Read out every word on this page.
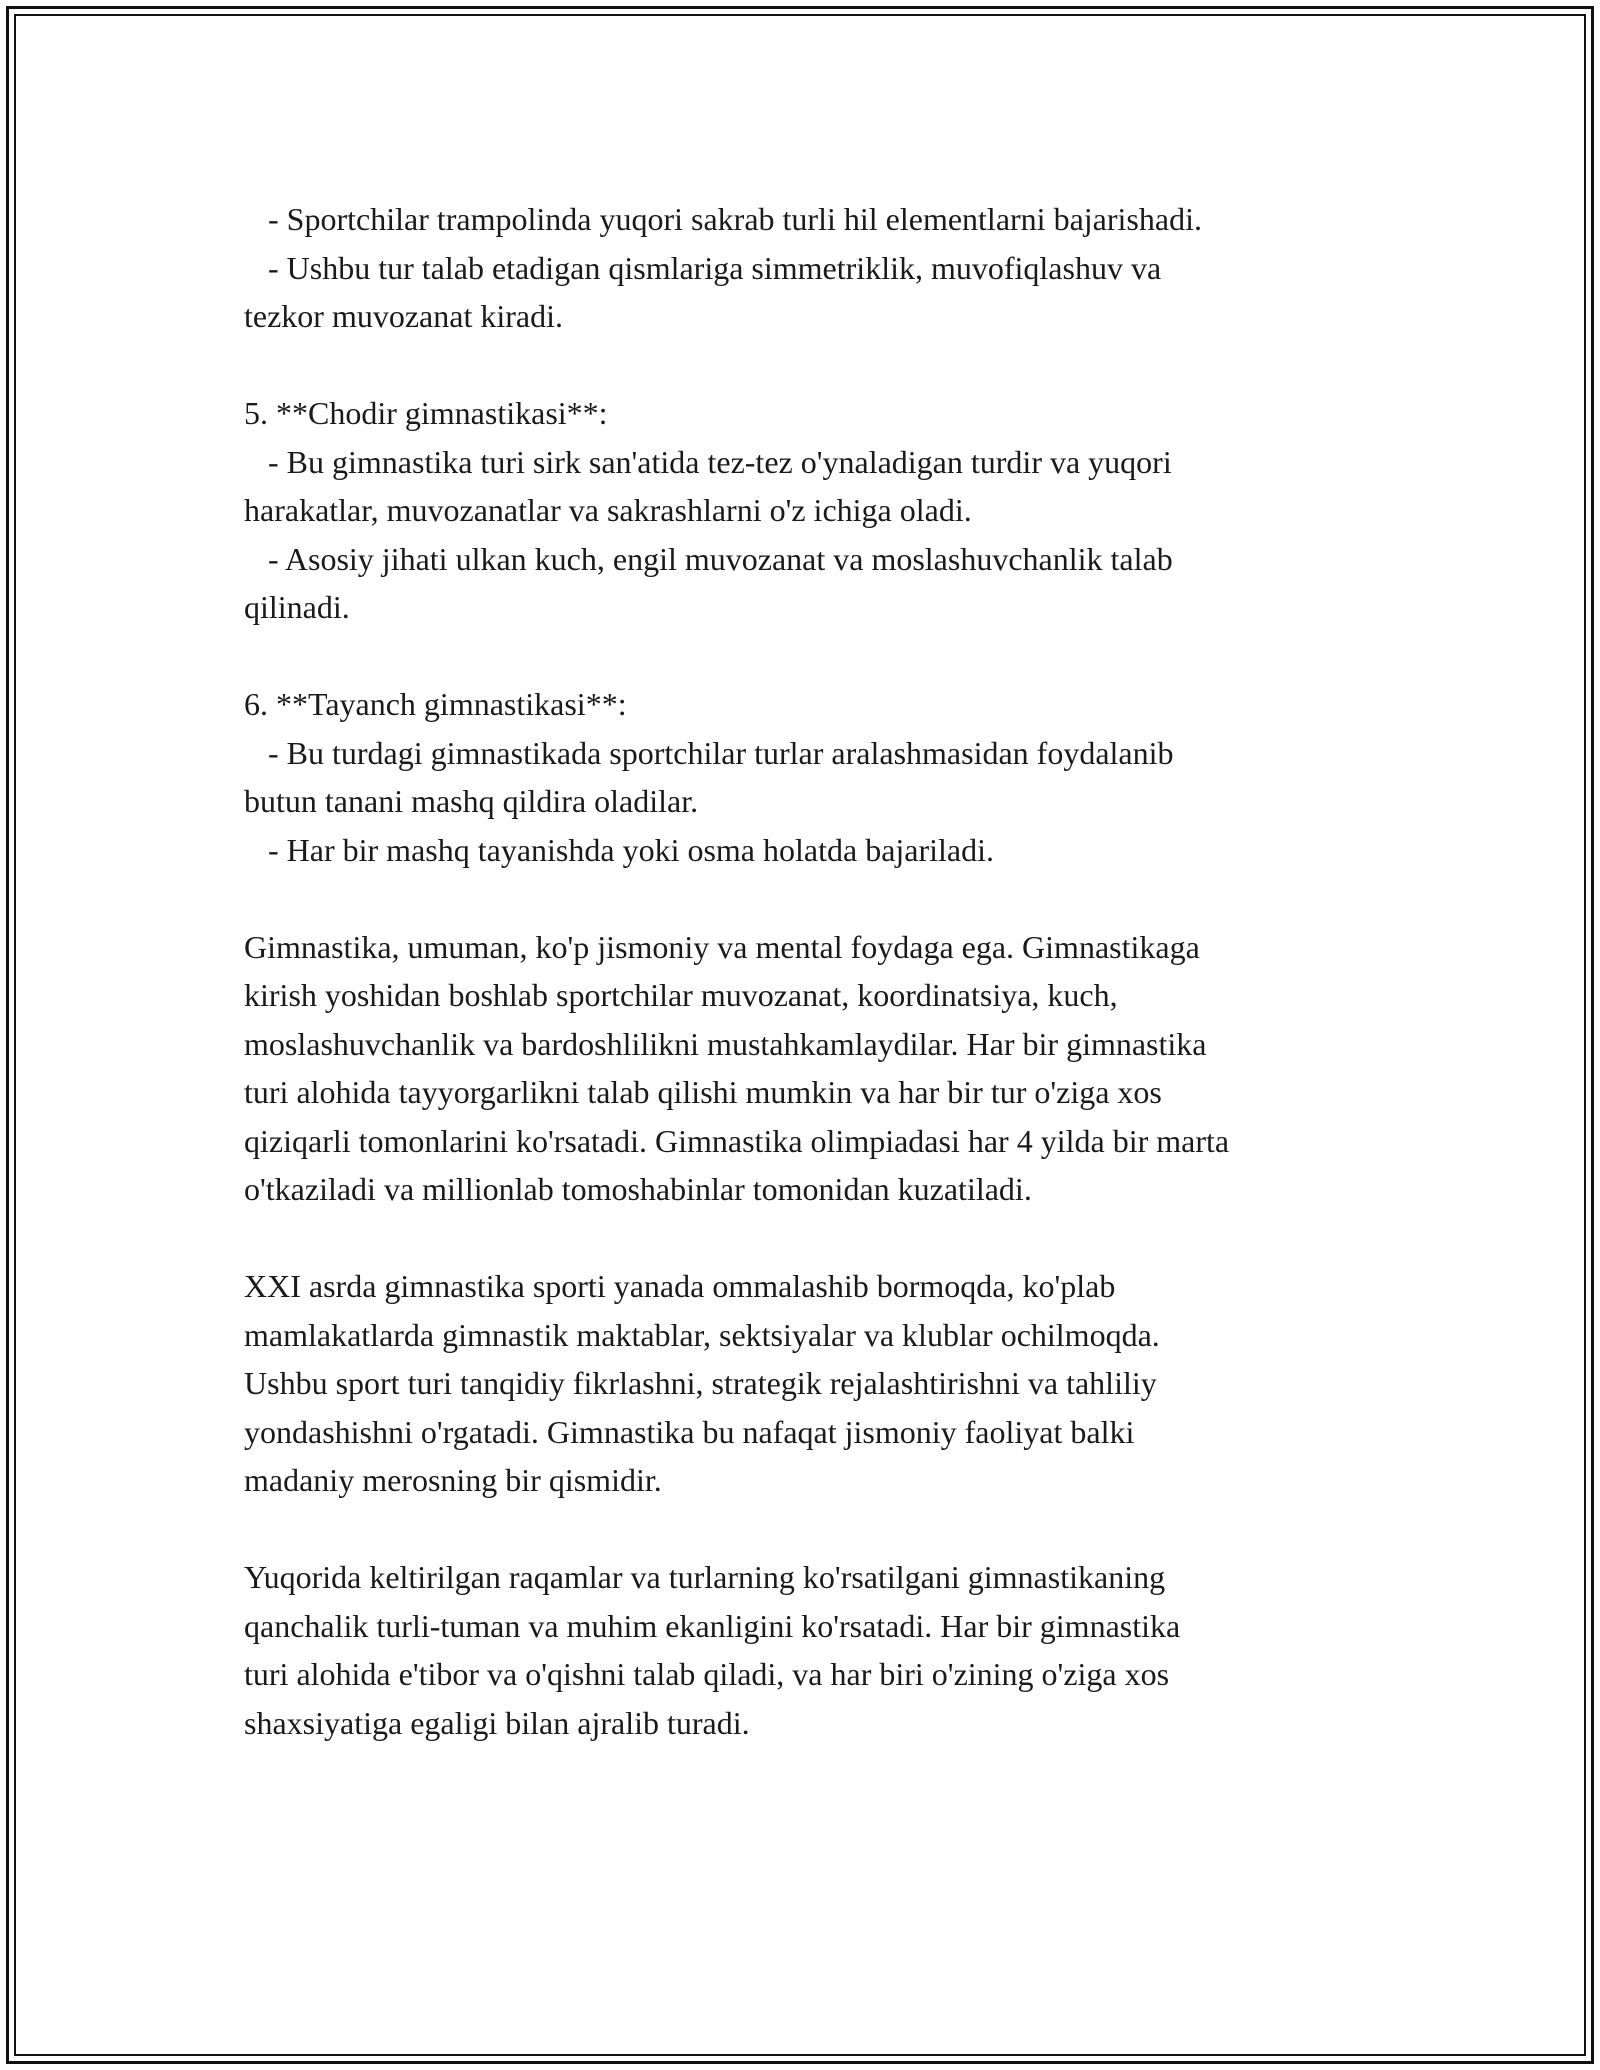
- Sportchilar trampolinda yuqori sakrab turli hil elementlarni bajarishadi.
- Ushbu tur talab etadigan qismlariga simmetriklik, muvofiqlashuv va
tezkor muvozanat kiradi.
5. **Chodir gimnastikasi**:
- Bu gimnastika turi sirk san'atida tez-tez o'ynaladigan turdir va yuqori
harakatlar, muvozanatlar va sakrashlarni o'z ichiga oladi.
- Asosiy jihati ulkan kuch, engil muvozanat va moslashuvchanlik talab
qilinadi.
6. **Tayanch gimnastikasi**:
- Bu turdagi gimnastikada sportchilar turlar aralashmasidan foydalanib
butun tanani mashq qildira oladilar.
- Har bir mashq tayanishda yoki osma holatda bajariladi.
Gimnastika, umuman, ko'p jismoniy va mental foydaga ega. Gimnastikaga
kirish yoshidan boshlab sportchilar muvozanat, koordinatsiya, kuch,
moslashuvchanlik va bardoshlilikni mustahkamlaydilar. Har bir gimnastika
turi alohida tayyorgarlikni talab qilishi mumkin va har bir tur o'ziga xos
qiziqarli tomonlarini ko'rsatadi. Gimnastika olimpiadasi har 4 yilda bir marta
o'tkaziladi va millionlab tomoshabinlar tomonidan kuzatiladi.
XXI asrda gimnastika sporti yanada ommalashib bormoqda, ko'plab
mamlakatlarda gimnastik maktablar, sektsiyalar va klublar ochilmoqda.
Ushbu sport turi tanqidiy fikrlashni, strategik rejalashtirishni va tahliliy
yondashishni o'rgatadi. Gimnastika bu nafaqat jismoniy faoliyat balki
madaniy merosning bir qismidir.
Yuqorida keltirilgan raqamlar va turlarning ko'rsatilgani gimnastikaning
qanchalik turli-tuman va muhim ekanligini ko'rsatadi. Har bir gimnastika
turi alohida e'tibor va o'qishni talab qiladi, va har biri o'zining o'ziga xos
shaxsiyatiga egaligi bilan ajralib turadi.
